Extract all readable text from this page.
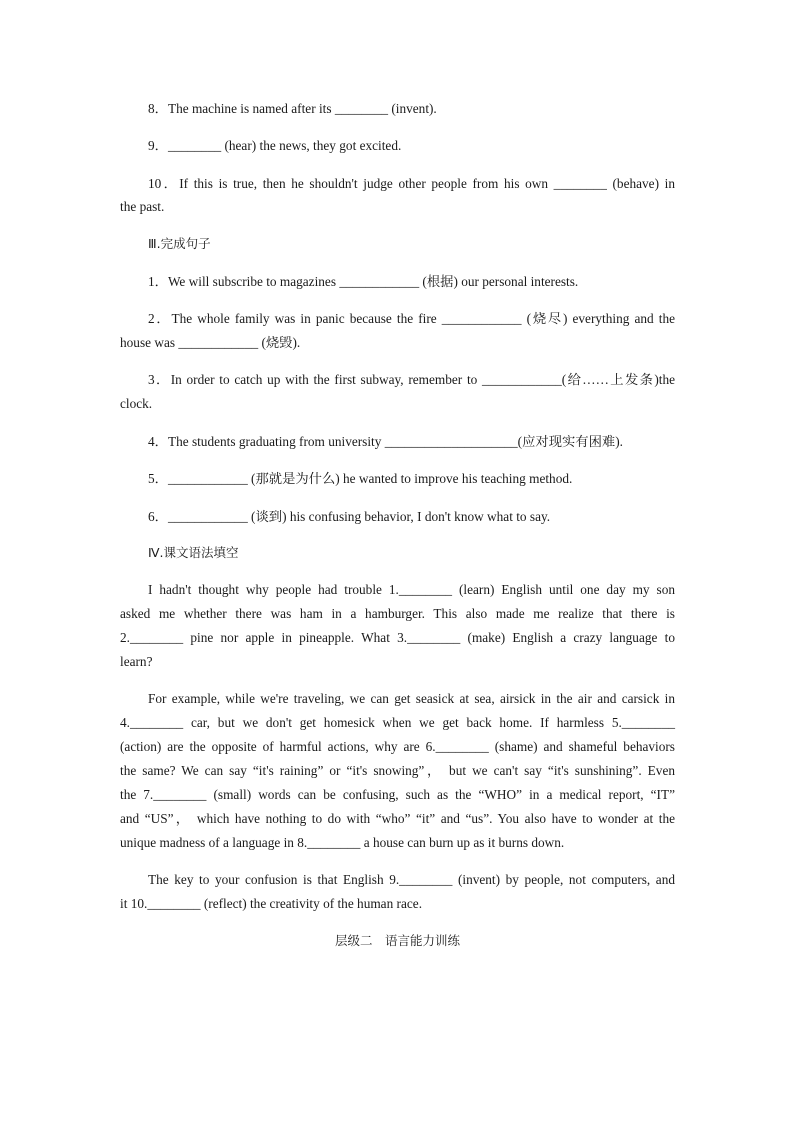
8．The machine is named after its ________ (invent).
9．________ (hear) the news, they got excited.
10．If this is true, then he shouldn't judge other people from his own ________ (behave) in
the past.
Ⅲ.完成句子
1．We will subscribe to magazines ____________ (根据) our personal interests.
2．The whole family was in panic because the fire ____________ (烧尽) everything and the
house was ____________ (烧毁).
3．In order to catch up with the first subway, remember to ____________(给……上发条)the
clock.
4．The students graduating from university ____________________(应对现实有困难).
5．____________ (那就是为什么) he wanted to improve his teaching method.
6．____________ (谈到) his confusing behavior, I don't know what to say.
Ⅳ.课文语法填空
I hadn't thought why people had trouble 1.________ (learn) English until one day my son
asked me whether there was ham in a hamburger. This also made me realize that there is
2.________ pine nor apple in pineapple. What 3.________ (make) English a crazy language to
learn?
For example, while we're traveling, we can get seasick at sea, airsick in the air and carsick in
4.________ car, but we don't get homesick when we get back home. If harmless 5.________
(action) are the opposite of harmful actions, why are 6.________ (shame) and shameful behaviors
the same? We can say “it's raining” or “it's snowing”， but we can't say “it's sunshining”. Even
the 7.________ (small) words can be confusing, such as the “WHO” in a medical report, “IT”
and “US”， which have nothing to do with “who” “it” and “us”. You also have to wonder at the
unique madness of a language in 8.________ a house can burn up as it burns down.
The key to your confusion is that English 9.________ (invent) by people, not computers, and
it 10.________ (reflect) the creativity of the human race.
层级二　语言能力训练
